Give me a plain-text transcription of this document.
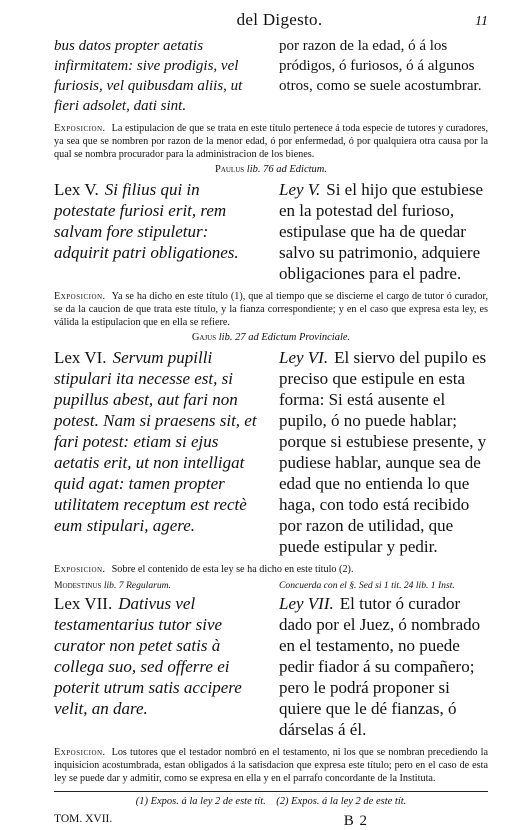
del Digesto.	11
bus datos propter aetatis infirmitatem: sive prodigis, vel furiosis, vel quibusdam aliis, ut fieri adsolet, dati sint.
por razon de la edad, ó á los pródigos, ó furiosos, ó á algunos otros, como se suele acostumbrar.
Exposicion. La estipulacion de que se trata en este título pertenece á toda especie de tutores y curadores, ya sea que se nombren por razon de la menor edad, ó por enfermedad, ó por qualquiera otra causa por la qual se nombra procurador para la administracion de los bienes.
Paulus lib. 76 ad Edictum.
Lex V. Si filius qui in potestate furiosi erit, rem salvam fore stipuletur: adquirit patri obligationes.
Ley V. Si el hijo que estubiese en la potestad del furioso, estipulase que ha de quedar salvo su patrimonio, adquiere obligaciones para el padre.
Exposicion. Ya se ha dicho en este título (1), que al tiempo que se discierne el cargo de tutor ó curador, se da la caucion de que trata este título, y la fianza correspondiente; y en el caso que expresa esta ley, es válida la estipulacion que en ella se refiere.
Gajus lib. 27 ad Edictum Provinciale.
Lex VI. Servum pupilli stipulari ita necesse est, si pupillus abest, aut fari non potest. Nam si praesens sit, et fari potest: etiam si ejus aetatis erit, ut non intelligat quid agat: tamen propter utilitatem receptum est rectè eum stipulari, agere.
Ley VI. El siervo del pupilo es preciso que estipule en esta forma: Si está ausente el pupilo, ó no puede hablar; porque si estubiese presente, y pudiese hablar, aunque sea de edad que no entienda lo que haga, con todo está recibido por razon de utilidad, que puede estipular y pedir.
Exposicion. Sobre el contenido de esta ley se ha dicho en este título (2).
Modestinus lib. 7 Regularum.	Concuerda con el §. Sed si 1 tit. 24 lib. 1 Inst.
Lex VII. Dativus vel testamentarius tutor sive curator non petet satis à collega suo, sed offerre ei poterit utrum satis accipere velit, an dare.
Ley VII. El tutor ó curador dado por el Juez, ó nombrado en el testamento, no puede pedir fiador á su compañero; pero le podrá proponer si quiere que le dé fianzas, ó dárselas á él.
Exposicion. Los tutores que el testador nombró en el testamento, ni los que se nombran precediendo la inquisicion acostumbrada, estan obligados á la satisdacion que expresa este título; pero en el caso de esta ley se puede dar y admitir, como se expresa en ella y en el parrafo concordante de la Instituta.
(1) Expos. á la ley 2 de este tít. (2) Expos. á la ley 2 de este tít.
TOM. XVII.	B 2
